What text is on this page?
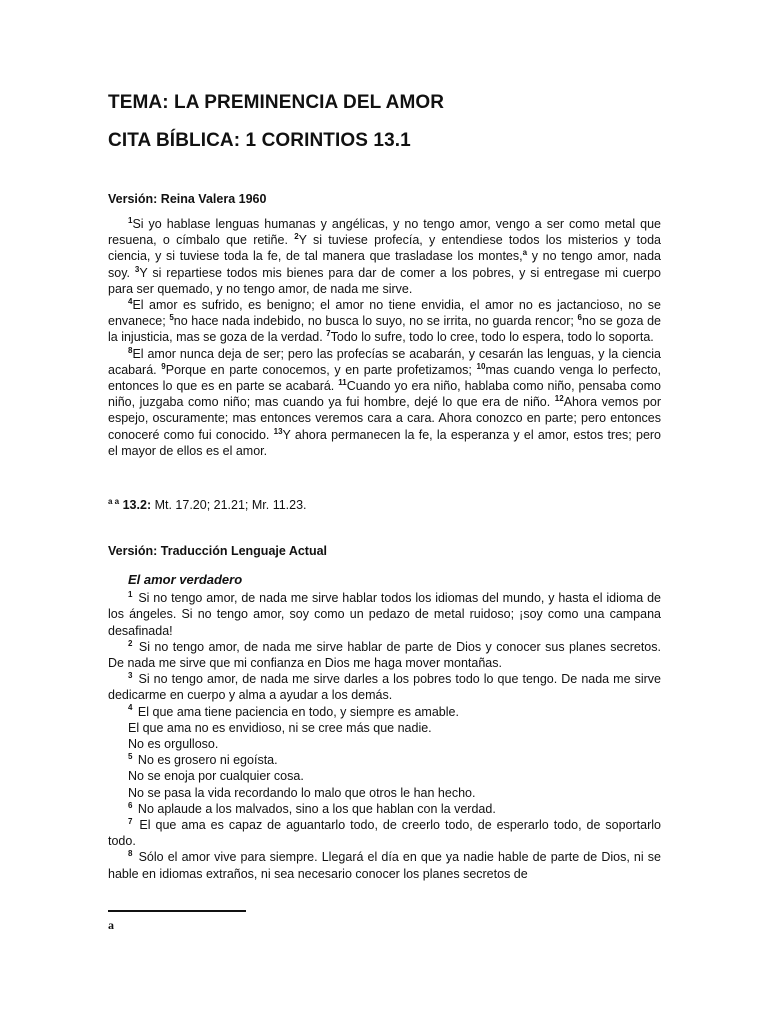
TEMA: LA PREMINENCIA DEL AMOR
CITA BÍBLICA: 1 CORINTIOS 13.1
Versión: Reina Valera 1960

$^1$Si yo hablase lenguas humanas y angélicas, y no tengo amor, vengo a ser como metal que resuena, o címbalo que retiñe. $^2$Y si tuviese profecía, y entendiese todos los misterios y toda ciencia, y si tuviese toda la fe, de tal manera que trasladase los montes,$^a$ y no tengo amor, nada soy. $^3$Y si repartiese todos mis bienes para dar de comer a los pobres, y si entregase mi cuerpo para ser quemado, y no tengo amor, de nada me sirve.

$^4$El amor es sufrido, es benigno; el amor no tiene envidia, el amor no es jactancioso, no se envanece; $^5$no hace nada indebido, no busca lo suyo, no se irrita, no guarda rencor; $^6$no se goza de la injusticia, mas se goza de la verdad. $^7$Todo lo sufre, todo lo cree, todo lo espera, todo lo soporta.

$^8$El amor nunca deja de ser; pero las profecías se acabarán, y cesarán las lenguas, y la ciencia acabará. $^9$Porque en parte conocemos, y en parte profetizamos; $^{10}$mas cuando venga lo perfecto, entonces lo que es en parte se acabará. $^{11}$Cuando yo era niño, hablaba como niño, pensaba como niño, juzgaba como niño; mas cuando ya fui hombre, dejé lo que era de niño. $^{12}$Ahora vemos por espejo, oscuramente; mas entonces veremos cara a cara. Ahora conozco en parte; pero entonces conoceré como fui conocido. $^{13}$Y ahora permanecen la fe, la esperanza y el amor, estos tres; pero el mayor de ellos es el amor.

$^{a a}$ 13.2: Mt. 17.20; 21.21; Mr. 11.23.
Versión: Traducción Lenguaje Actual

El amor verdadero

$^1$ Si no tengo amor, de nada me sirve hablar todos los idiomas del mundo, y hasta el idioma de los ángeles. Si no tengo amor, soy como un pedazo de metal ruidoso; ¡soy como una campana desafinada!

$^2$ Si no tengo amor, de nada me sirve hablar de parte de Dios y conocer sus planes secretos. De nada me sirve que mi confianza en Dios me haga mover montañas.

$^3$ Si no tengo amor, de nada me sirve darles a los pobres todo lo que tengo. De nada me sirve dedicarme en cuerpo y alma a ayudar a los demás.

$^4$ El que ama tiene paciencia en todo, y siempre es amable.

El que ama no es envidioso, ni se cree más que nadie.

No es orgulloso.

$^5$ No es grosero ni egoísta.

No se enoja por cualquier cosa.

No se pasa la vida recordando lo malo que otros le han hecho.

$^6$ No aplaude a los malvados, sino a los que hablan con la verdad.

$^7$ El que ama es capaz de aguantarlo todo, de creerlo todo, de esperarlo todo, de soportarlo todo.

$^8$ Sólo el amor vive para siempre. Llegará el día en que ya nadie hable de parte de Dios, ni se hable en idiomas extraños, ni sea necesario conocer los planes secretos de

a
